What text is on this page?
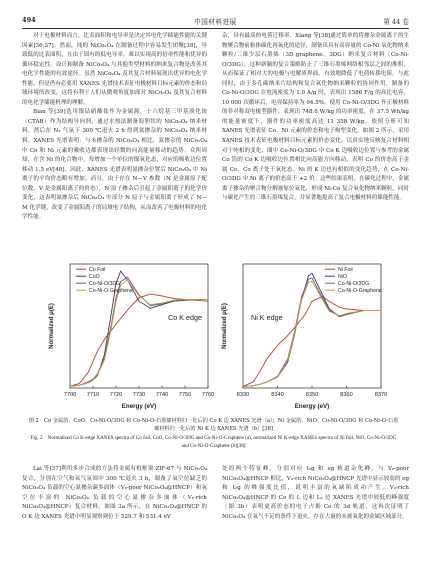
494	中国材料进展	第 44 卷

对于电极材料而言，比表面积和电导率是决定其电化学储能性能的关键因素[36,37]。然而，纯的 NiCo₂O₄ 在制备过程中容易发生团聚[38]，导致低的比表面积，且由于固有的低电导率，难以实现高的倍率性能和优异的循环稳定性。设计和制备 NiCo₂O₄ 与其他类型材料的纳米复合物是改善其电化学性能的有效途径。虽然 NiCo₂O₄ 及其复合材料展现出优异的电化学性能，但是仍有必要用 XANES 光谱技术表征电极材料目标元素的价态和局域环境的改变，这将有利于人们从微观角度加深对 NiCo₂O₄ 及其复合材料的电化学储能机理的理解。

Bian 等[39]选用镍钴硝酸盐作为金属源，十六烷基三甲基溴化铵（CTAB）作为结构导向剂，通过水热法制备海胆状的 NiCo₂O₄ 纳米材料。然后在 N₂ 气氛下 300 ℃退火 2 h 得到氮掺杂的 NiCo₂O₄ 纳米材料。XANES 光谱表明：与未掺杂的 NiCo₂O₄ 相比，氮掺杂的 NiCo₂O₄ 中 Co 和 Ni 元素的吸收边都表现出轻微的向高能量移动的趋势。众所周知，在含 Ni 的化合物中，每增加一个单位的镍氧化态，对应的吸收边位置移动 1.5 eV[40]。因此，XANES 光谱表明氮掺杂位置后 NiCo₂O₄ 中 Ni 离子的平均价态略有增加；而且，由于存在 N—V 参数（N 是金属原子配位数，V 是金属阳离子的价态），N 原子掺杂后引起了金属阳离子的化学价变化，这表明氮掺杂后 NiCo₂O₄ 中部分 N 原子与金属阳离子形成了 N—M 化学键，改变了金属阳离子的局域电子结构，从而改善了电极材料的电化学性能。

杂，具有最高的电荷迁移率。Xiang 等[38]通过简单的将掺杂金属离子的生物聚合物前驱体碳化再氧化的途径，制备出具有高容量的 Co-Ni 氧化物纳米颗粒/三维少层石墨烯（3D graphene，3DG）纳米复合材料（Co-Ni-O/3DG）。这种新颖的复合策略防止了三维石墨烯网络相邻层之间的堆积，从而保证了相对大的电极与电解质界面，有效地降低了电荷转移电阻。与此同时，由于多孔碳纳米片结构和复合氧化物纳米颗粒的协同作用，制备的 Co-Ni-O/3DG 在电流密度为 1.0 A/g 时，表现出 1586 F/g 的高比电容，10 000 次循环后，电容保持率为 94.5%。使用 Co-Ni-O/3DG 作正极材料的非对称双电极型器件，表现出 748.6 W/kg 的功率密度，在 37.5 Wh/kg 的能量密度下，器件的功率密度高达 11 358 W/kg。依照分析可知 XANES 光谱表征 Co、Ni 元素的价态和电子构型变化。如图 2 所示，采用 XANES 技术表征电极材料目标元素的价态变化。以真实地反映复合材料相对于纯相的变化，图中 Co-Ni-O/3DG 中 Co K 边吸收边位置与参考的金属 Co 箔的 Co K 边吸收边位置相比向高能方向移动，表明 Co 的价态高于金属 Co，Co 离子处于氧化态。Ni 的 K 边也有相似的变化趋势，在 Co-Ni-O/3DG 中 Ni 离子的价态高于 +2 价。这些结果表明，在碳化过程中，金属离子掺杂的聚合物分解被原位氧化，形成 Ni-Co 复合氧化物纳米颗粒，同时与碳化产生的三维石墨烯复合，并显著地提高了复合电极材料的储能性能。

7700 7710 7720 7730 7740 7750 7760
Energy (eV)
Normalized μ(E)
Co Foil
CoO
Co-Ni-O/3DG
Co-Ni-O-Graphene
Co K edge
8330	8340	8350	8360	8370
Energy (eV)
Normalized μ(E)
Ni Foil
NiO
Co-Ni-O/3DG
Co-Ni-O-Graphene
Ni K edge
图 2　Co 金属箔、CoO、Co-Ni-O/3DG 和 Co-Ni-O-石墨烯材料归一化后的 Co K 边 XANES 光谱（a）；Ni 金属箔、NiO、Co-Ni-O/3DG 和 Co-Ni-O-石墨烯材料归一化后的 Ni K 边 XANES 光谱（b）[38]
Fig. 2　Normalized Co K-edge XANES spectra of Co foil, CoO, Co-Ni-O/3DG and Co-Ni-O-Graphene (a), normalized Ni K-edge XANES spectra of Ni foil, NiO, Co-Ni-O/3DG and Co-Ni-O-Graphene (b)[38]

Lai 等[37]利用多步合成的方法将金属有机框架 ZIF-67 与 NiCo₂O₄ 复合，分别在空气和氧气氛围中 300 ℃退火 3 h，制备了氧空位缺乏的 NiCo₂O₄ 负载的空心氮掺杂碳多面体（V₀-poor NiCo₂O₄@HNCP）和氧空位丰富的 NiCo₂O₄ 负载的空心氮掺杂多面体（V₀-rich NiCo₂O₄@HNCP）复合材料。如图 3a 所示，在 NiCo₂O₄@HNCP 的 O K 边 XANES 光谱中明显观察到位于 529.7 和 531.4 eV

处的两个特征峰，分别对应 t₂g 和 eg 轨道杂化峰，与 V₀-poor NiCo₂O₄@HNCP 相比，V₀-rich NiCo₂O₄@HNCP 光谱中显示较弱的 eg 和 t₂g 的峰强度比值，说明丰富的氧缺陷成功产生。V₀-rich NiCo₂O₄@HNCP 的 Co 的 L 边和 L₃ 边 XANES 光谱中较低的峰强度（图 3b）表明更高价态的电子占据 Co 的 3d 轨道，这再次证明了 NiCo₂O₄ 在氧气不足的条件下退火，存在大量的未被氧化的金属区域部分。
